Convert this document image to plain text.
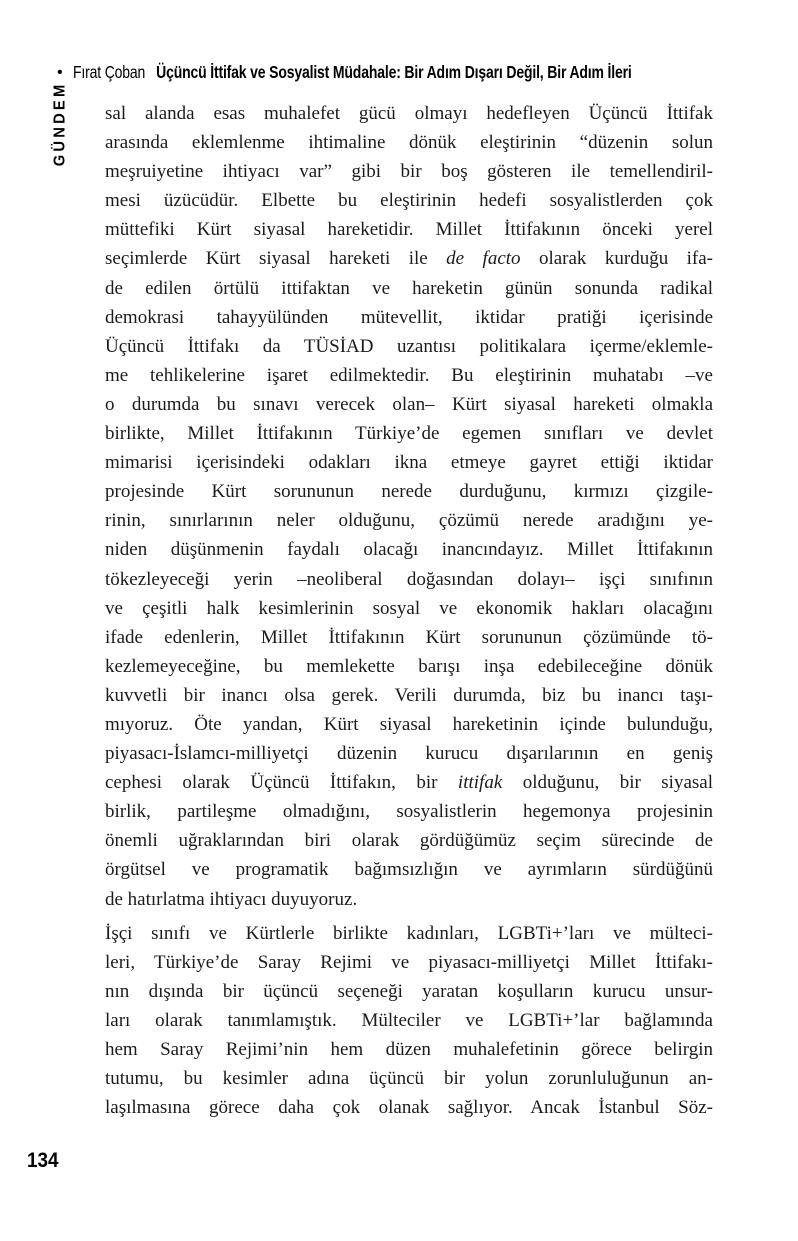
• Fırat Çoban Üçüncü İttifak ve Sosyalist Müdahale: Bir Adım Dışarı Değil, Bir Adım İleri
GÜNDEM sal alanda esas muhalefet gücü olmayı hedefleyen Üçüncü İttifak
arasında eklemlenme ihtimaline dönük eleştirinin “düzenin solun
meşruiyetine ihtiyacı var” gibi bir boş gösteren ile temellendiril-
mesi üzücüdür. Elbette bu eleştirinin hedefi sosyalistlerden çok
müttefiki Kürt siyasal hareketidir. Millet İttifakının önceki yerel
seçimlerde Kürt siyasal hareketi ile de facto olarak kurduğu ifa-
de edilen örtülü ittifaktan ve hareketin günün sonunda radikal
demokrasi tahayyülünden mütevellit, iktidar pratiği içerisinde
Üçüncü İttifakı da TÜSİAD uzantısı politikalara içerme/eklemle-
me tehlikelerine işaret edilmektedir. Bu eleştirinin muhatabı –ve
o durumda bu sınavı verecek olan– Kürt siyasal hareketi olmakla
birlikte, Millet İttifakının Türkiye’de egemen sınıfları ve devlet
mimarisi içerisindeki odakları ikna etmeye gayret ettiği iktidar
projesinde Kürt sorununun nerede durduğunu, kırmızı çizgile-
rinin, sınırlarının neler olduğunu, çözümü nerede aradığını ye-
niden düşünmenin faydalı olacağı inancındayız. Millet İttifakının
tökezleyeceği yerin –neoliberal doğasından dolayı– işçi sınıfının
ve çeşitli halk kesimlerinin sosyal ve ekonomik hakları olacağını
ifade edenlerin, Millet İttifakının Kürt sorununun çözümünde tö-
kezlemeyeceğine, bu memlekette barışı inşa edebileceğine dönük
kuvvetli bir inancı olsa gerek. Verili durumda, biz bu inancı taşı-
mıyoruz. Öte yandan, Kürt siyasal hareketinin içinde bulunduğu,
piyasacı-İslamcı-milliyetçi düzenin kurucu dışarılarının en geniş
cephesi olarak Üçüncü İttifakın, bir ittifak olduğunu, bir siyasal
birlik, partileşme olmadığını, sosyalistlerin hegemonya projesinin
önemli uğraklarından biri olarak gördüğümüz seçim sürecinde de
örgütsel ve programatik bağımsızlığın ve ayrımların sürdüğünü
de hatırlatma ihtiyacı duyuyoruz.
İşçi sınıfı ve Kürtlerle birlikte kadınları, LGBTi+’ları ve mülteci-
leri, Türkiye’de Saray Rejimi ve piyasacı-milliyetçi Millet İttifakı-
nın dışında bir üçüncü seçeneği yaratan koşulların kurucu unsur-
ları olarak tanımlamıştık. Mülteciler ve LGBTi+’lar bağlamında
hem Saray Rejimi’nin hem düzen muhalefetinin görece belirgin
tutumu, bu kesimler adına üçüncü bir yolun zorunluluğunun an-
laşılmasına görece daha çok olanak sağlıyor. Ancak İstanbul Söz-
134
